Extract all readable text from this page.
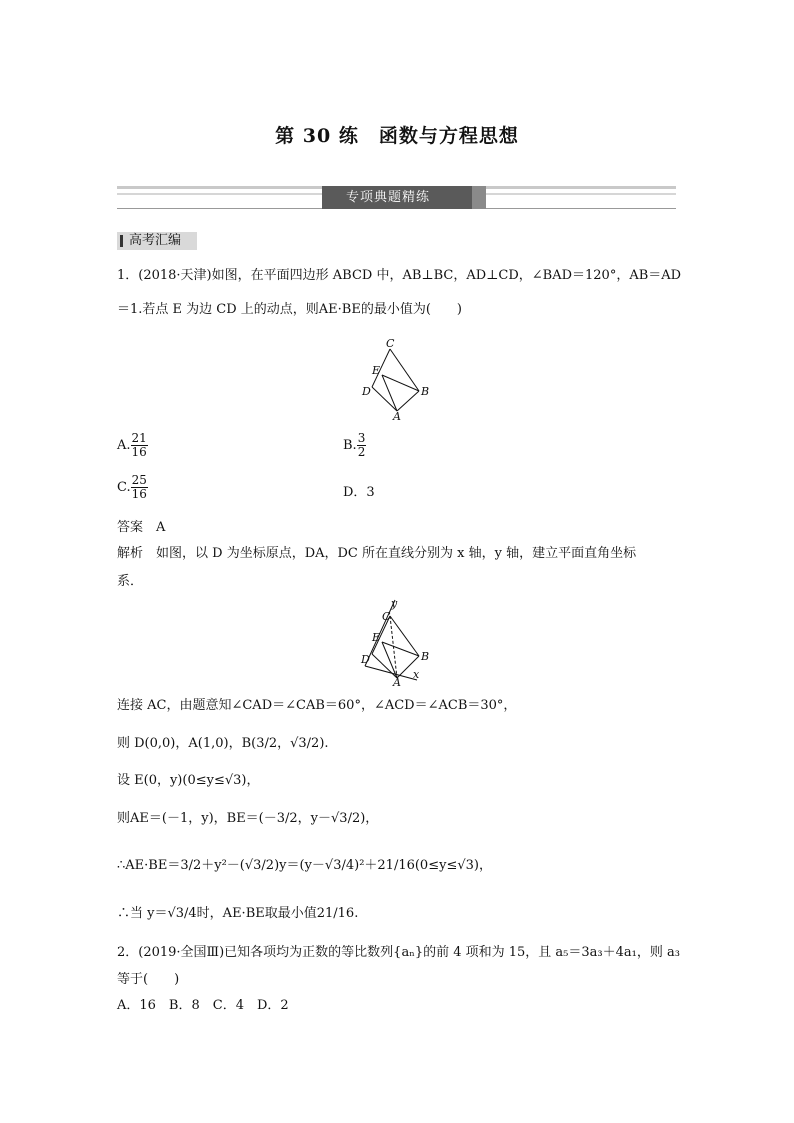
第 30 练　函数与方程思想
专项典题精练
高考汇编
1．(2018·天津)如图，在平面四边形 ABCD 中，AB⊥BC，AD⊥CD，∠BAD＝120°，AB＝AD
＝1.若点 E 为边 CD 上的动点，则AE·BE的最小值为(　　)
C
E
D	B
A
A. $\frac{21}{16}$	B. $\frac{3}{2}$
C. $\frac{25}{16}$	D．3
答案　A
解析　如图，以 D 为坐标原点，DA，DC 所在直线分别为 x 轴，y 轴，建立平面直角坐标
系．
y
C
E
D	B
A
x
连接 AC，由题意知∠CAD＝∠CAB＝60°，∠ACD＝∠ACB＝30°，
则 D(0,0)，A(1,0)，B(3/2，√3/2).
设 E(0，y)(0≤y≤√3)，
则AE＝(－1，y)，BE＝(－3/2，y－√3/2)，
∴AE·BE＝3/2＋y²－(√3/2)y＝(y－√3/4)²＋21/16(0≤y≤√3)，
∴当 y＝√3/4时，AE·BE取最小值21/16.
2．(2019·全国Ⅲ)已知各项均为正数的等比数列{aₙ}的前 4 项和为 15，且 a₅＝3a₃＋4a₁，则 a₃
等于(　　)
A．16　B．8　C．4　D．2
